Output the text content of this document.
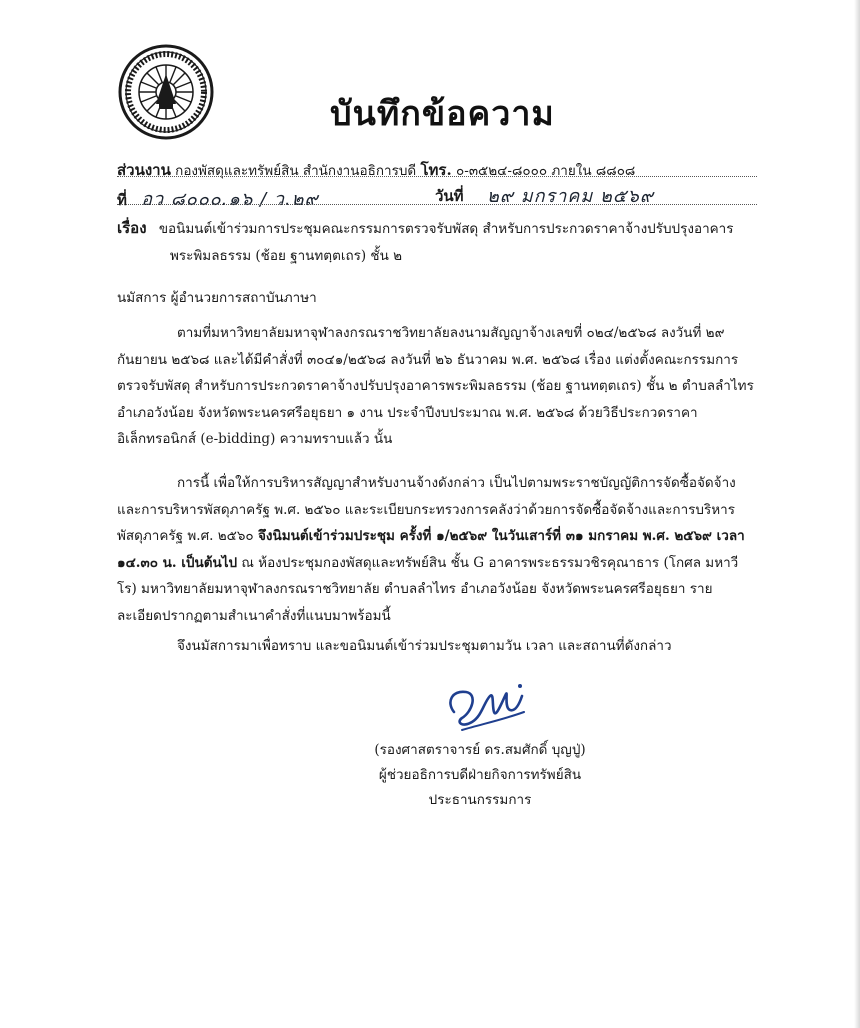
บันทึกข้อความ
ส่วนงาน กองพัสดุและทรัพย์สิน สำนักงานอธิการบดี โทร. ๐-๓๕๒๔-๘๐๐๐ ภายใน ๘๘๐๘
ที่ อว ๘๐๐๐.๑๖ / ว.๒๙	วันที่ ๒๙ มกราคม ๒๕๖๙
เรื่อง ขอนิมนต์เข้าร่วมการประชุมคณะกรรมการตรวจรับพัสดุ สำหรับการประกวดราคาจ้างปรับปรุงอาคาร
พระพิมลธรรม (ช้อย ฐานทตฺตเถร) ชั้น ๒
นมัสการ ผู้อำนวยการสถาบันภาษา
ตามที่มหาวิทยาลัยมหาจุฬาลงกรณราชวิทยาลัยลงนามสัญญาจ้างเลขที่ ๐๒๔/๒๕๖๘ ลงวันที่ ๒๙ กันยายน ๒๕๖๘ และได้มีคำสั่งที่ ๓๐๔๑/๒๕๖๘ ลงวันที่ ๒๖ ธันวาคม พ.ศ. ๒๕๖๘ เรื่อง แต่งตั้งคณะกรรมการตรวจรับพัสดุ สำหรับการประกวดราคาจ้างปรับปรุงอาคารพระพิมลธรรม (ช้อย ฐานทตฺตเถร) ชั้น ๒ ตำบลลำไทร อำเภอวังน้อย จังหวัดพระนครศรีอยุธยา ๑ งาน ประจำปีงบประมาณ พ.ศ. ๒๕๖๘ ด้วยวิธีประกวดราคาอิเล็กทรอนิกส์ (e-bidding) ความทราบแล้ว นั้น
การนี้ เพื่อให้การบริหารสัญญาสำหรับงานจ้างดังกล่าว เป็นไปตามพระราชบัญญัติการจัดซื้อจัดจ้างและการบริหารพัสดุภาครัฐ พ.ศ. ๒๕๖๐ และระเบียบกระทรวงการคลังว่าด้วยการจัดซื้อจัดจ้างและการบริหารพัสดุภาครัฐ พ.ศ. ๒๕๖๐ จึงนิมนต์เข้าร่วมประชุม ครั้งที่ ๑/๒๕๖๙ ในวันเสาร์ที่ ๓๑ มกราคม พ.ศ. ๒๕๖๙ เวลา ๑๔.๓๐ น. เป็นต้นไป ณ ห้องประชุมกองพัสดุและทรัพย์สิน ชั้น G อาคารพระธรรมวชิรคุณาธาร (โกศล มหาวีโร) มหาวิทยาลัยมหาจุฬาลงกรณราชวิทยาลัย ตำบลลำไทร อำเภอวังน้อย จังหวัดพระนครศรีอยุธยา รายละเอียดปรากฏตามสำเนาคำสั่งที่แนบมาพร้อมนี้
จึงนมัสการมาเพื่อทราบ และขอนิมนต์เข้าร่วมประชุมตามวัน เวลา และสถานที่ดังกล่าว
(รองศาสตราจารย์ ดร.สมศักดิ์ บุญปู่)
ผู้ช่วยอธิการบดีฝ่ายกิจการทรัพย์สิน
ประธานกรรมการ
